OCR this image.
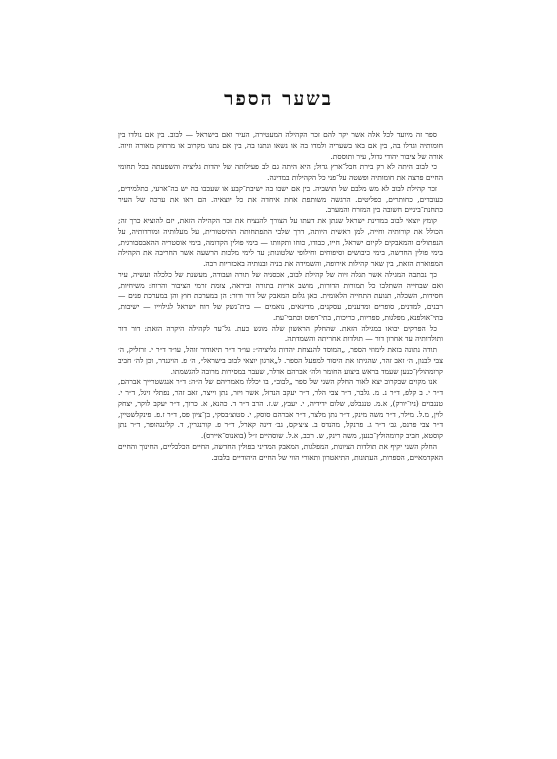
בשער הספר

ספר זה מיועד לכל אלה אשר יקר להם זכר הקהילה המעטירה, העיר ואם בישראל — לבוב. בין אם נולדו בין חומותיה וגדלו בה, בין אם באו בשעריה ולמדו בה או נשאו ונתנו בה, בין אם נתנו מקרוב או מרחוק מאורה וזיוה. אורה של ציבור יהודי גדול, עיר ותוססת.

כי לבוב היתה לא רק בירת חבל־ארץ גדול; היא היתה גם לב פעילותה של יהדות גליציה והשפעתה בכל תחומי החיים פרצה את חומותיה ופשטה על־פני כל הקהילות במדינה.

זכר קהילת לבוב לא מש מלבם של תושביה. בין אם ישבו בה ישיבת־קבע או שעכבו בה יש בה־ארעי, כתלמידים, כעובדים, כחותרים, כפליטים. הרגשה משותפת אחת איחדה את כל יוצאיה. הם ראו את ערכה של העיר כתחנת־ביניים חשובה בין המזרח והמערב.

קומץ יוצאי לבוב במדינת ישראל שנתן את דעתו על הצורך להנציח את זכר הקהילה הזאת, יזם להוציא כרך זה; הכולל את קורותיה וחייה, למן ראשית היותה, דרך שלבי התפתחותה ההיסטורית, על מעלותיה ומורדותיה, על הנפתולים והמאבקים לקיום ישראל, חייו, כבודו, כוחו ותקוותו — בימי פולין הקדומה, בימי אוסטריה ההאבסבורגית, בימי פולין החדשה, בימי כיבושים וסיפוחים וחילופי שלטונות; עד לימי מלכות הרשעה אשר החריבה את הקהילה המפוארת הזאת, בין שאר קהילות אירופה, והשמידה את בניה ובנותיה באכזריות רבה.

כך נכתבה המגילה אשר תגלה זיוה של קהילת לבוב, אכסניה של תורה ועבודה, מעשנת של כלכלה ועשיה, עיר ואם שבחייה השתלבו כל תמורות הדורות, מושב אריות בתורה וביראה, צומת זרמי הציבור והרוח: משיחיות, חסידות, השכלה, תנועת התחייה הלאומית. כאן גלום המאבק של דור ודור: הן במערכת חוץ והן במערכת פנים — רבנים, למדנים, סופרים ומדענים, עסקנים, מדינאים, נואמים — בית־נשק של רוח ישראל לגילוייו — ישיבות, בתי־אולפנא, מפלגות, ספריות, כריכות, בתי־דפוס וכתבי־עת.

כל הפרקים יבואו במגילה הזאת. שהחלק הראשון שלה מוגש כעת. גל־עד לקהילה היקרה הזאת: דור דור ותולדותיה עד אחרון דור — תולדות אחריתה והשמדתה.

תודה נתונה בזאת לימוזי הספר, „המוסד להנצחת יהדות גליציה״: עו״ד ד״ר תיאודור זוהל, עו״ד ד״ר י. זרזליק, ה׳ צבי לבנון, ה׳ זאב זהר, שהגיתו את היסוד למפעל הספר. ל„ארגון יוצאי לבוב בישראל״, ה׳ פ. הויגנדר, וכן לה׳ חביב קרומהולץ־כנען שעמד בראש ביצוע החומר ולה׳ אברהם אדלר, שעבר במסירות מרובה להגשמתו.

אנו מקוים שבקרוב יצא לאור החלק השני של ספר „לבוב״, בו יכללו מאמריהם של ה״ה: ד״ר אנגשטרייך אברהם, ד״ר י. ב קלפ, ד״ר נ. מ. גלבר, ד״ר צבי הלר, ד״ר יעקב הנדזל, אשר ויזר, נתן וייצר, זאב זהר, נפתלי זיגל, ד״ר י. טננבוים (ניו־יורק), א.מ. טננבלט, שלום ידידיה, י. יעבץ, ש.ז. הרב ד״ר ד. כהנא, א. כרוך, ד״ר יעקב לוקר, יצחק לוין, מ.ל. מילר, ד״ר משה מינק, ד״ר נתן מלצר, ד״ר אברהם סוסק, י. סטוצ׳בסקי, בן־ציון פס, ד״ר ז.פ. פינקלשטיין, ד״ר צבי פרנס, גב׳ ד״ר ג. פרנקל, מהנדס ב. צ׳צ׳קס, גב׳ דינה קארל, ד״ר פ. קורנגרין, ד. קלינגהופר, ד״ר נתן קוסטא, חביב קרומהולץ־כנען, משה רינק, ש. רכב, א.ל. שוסהיים ז״ל (בואנוס־איירס).

החלק השני יקיף את תולדות הציונות, המפלגות, המאבק המדיני בפולין החדשה, החיים הכלכליים, החינוך והחיים האקדמאיים, הספרות, העתונות, התיאטרון ותאורי הווי של החיים היהודיים בלבוב.
